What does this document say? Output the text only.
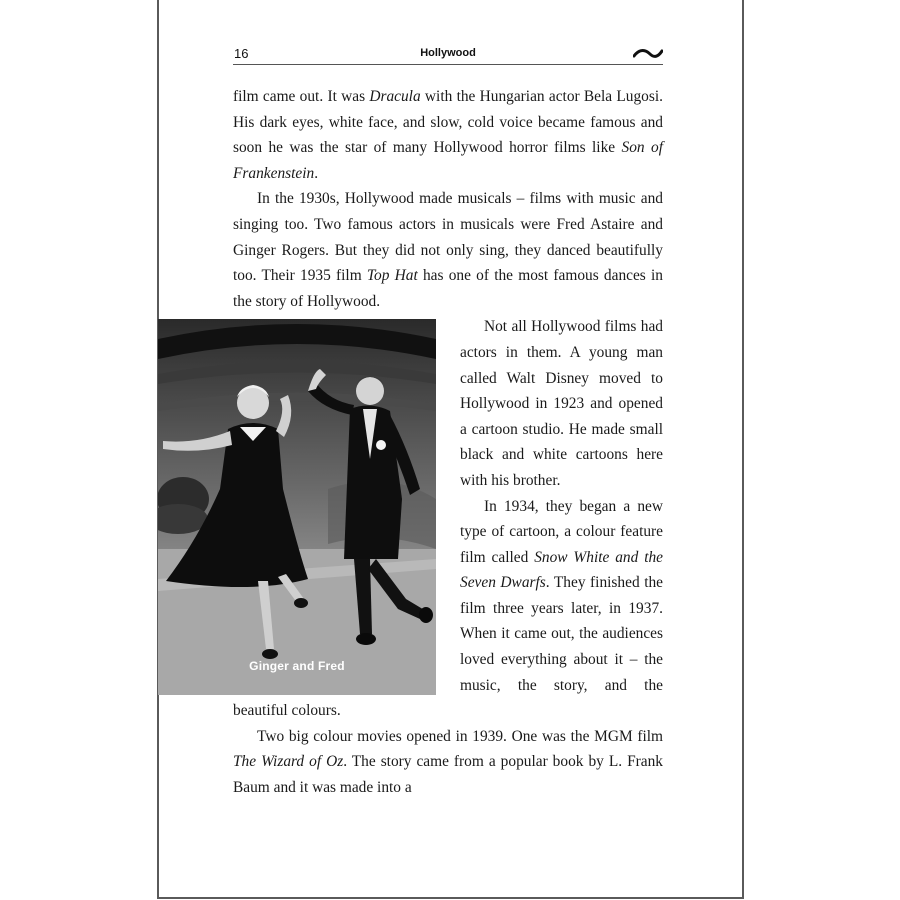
16	Hollywood

film came out. It was Dracula with the Hungarian actor Bela Lugosi. His dark eyes, white face, and slow, cold voice became famous and soon he was the star of many Hollywood horror films like Son of Frankenstein.

In the 1930s, Hollywood made musicals – films with music and singing too. Two famous actors in musicals were Fred Astaire and Ginger Rogers. But they did not only sing, they danced beautifully too. Their 1935 film Top Hat has one of the most famous dances in the story of Hollywood.

Ginger and Fred

Not all Hollywood films had actors in them. A young man called Walt Disney moved to Hollywood in 1923 and opened a cartoon studio. He made small black and white cartoons here with his brother.

In 1934, they began a new type of cartoon, a colour feature film called Snow White and the Seven Dwarfs. They finished the film three years later, in 1937. When it came out, the audiences loved everything about it – the music, the story, and the beautiful colours.

Two big colour movies opened in 1939. One was the MGM film The Wizard of Oz. The story came from a popular book by L. Frank Baum and it was made into a
